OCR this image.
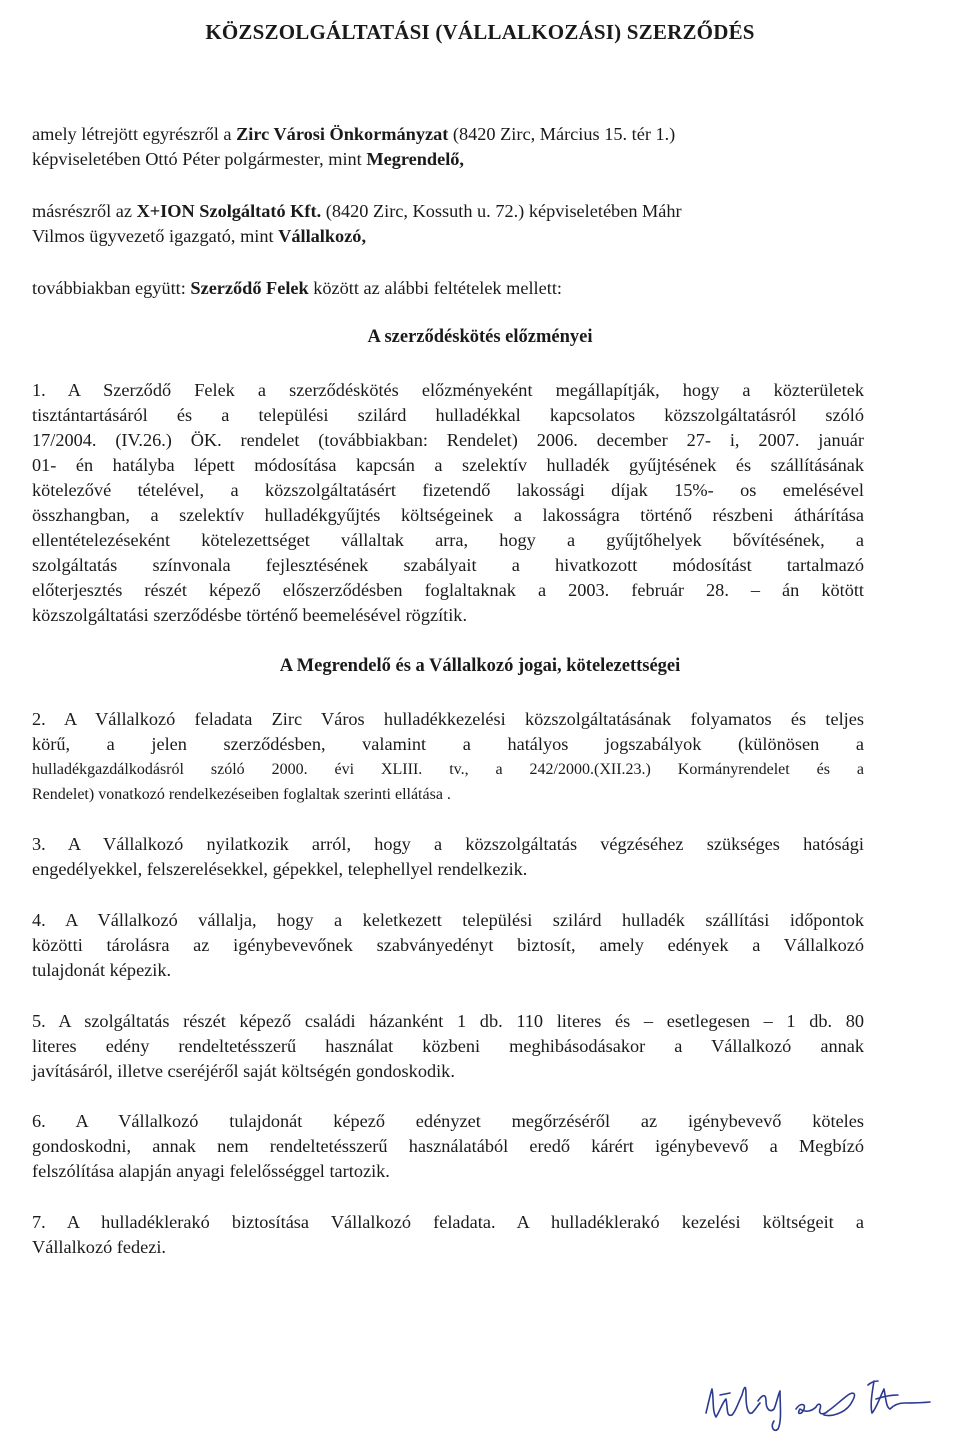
KÖZSZOLGÁLTATÁSI (VÁLLALKOZÁSI) SZERZŐDÉS
amely létrejött egyrészről a Zirc Városi Önkormányzat (8420 Zirc, Március 15. tér 1.)
képviseletében Ottó Péter polgármester, mint Megrendelő,
másrészről az X+ION Szolgáltató Kft. (8420 Zirc, Kossuth u. 72.) képviseletében Máhr
Vilmos ügyvezető igazgató, mint Vállalkozó,
továbbiakban együtt: Szerződő Felek között az alábbi feltételek mellett:
A szerződéskötés előzményei
1. A Szerződő Felek a szerződéskötés előzményeként megállapítják, hogy a közterületek
tisztántartásáról és a települési szilárd hulladékkal kapcsolatos közszolgáltatásról szóló
17/2004. (IV.26.) ÖK. rendelet (továbbiakban: Rendelet) 2006. december 27- i, 2007. január
01- én hatályba lépett módosítása kapcsán a szelektív hulladék gyűjtésének és szállításának
kötelezővé tételével, a közszolgáltatásért fizetendő lakossági díjak 15%- os emelésével
összhangban, a szelektív hulladékgyűjtés költségeinek a lakosságra történő részbeni áthárítása
ellentételezéseként kötelezettséget vállaltak arra, hogy a gyűjtőhelyek bővítésének, a
szolgáltatás színvonala fejlesztésének szabályait a hivatkozott módosítást tartalmazó
előterjesztés részét képező előszerződésben foglaltaknak a 2003. február 28. – án kötött
közszolgáltatási szerződésbe történő beemelésével rögzítik.
A Megrendelő és a Vállalkozó jogai, kötelezettségei
2. A Vállalkozó feladata Zirc Város hulladékkezelési közszolgáltatásának folyamatos és teljes
körű, a jelen szerződésben, valamint a hatályos jogszabályok (különösen a
hulladékgazdálkodásról szóló 2000. évi XLIII. tv., a 242/2000.(XII.23.) Kormányrendelet és a
Rendelet) vonatkozó rendelkezéseiben foglaltak szerinti ellátása .
3. A Vállalkozó nyilatkozik arról, hogy a közszolgáltatás végzéséhez szükséges hatósági
engedélyekkel, felszerelésekkel, gépekkel, telephellyel rendelkezik.
4. A Vállalkozó vállalja, hogy a keletkezett települési szilárd hulladék szállítási időpontok
közötti tárolásra az igénybevevőnek szabványedényt biztosít, amely edények a Vállalkozó
tulajdonát képezik.
5. A szolgáltatás részét képező családi házanként 1 db. 110 literes és – esetlegesen – 1 db. 80
literes edény rendeltetésszerű használat közbeni meghibásodásakor a Vállalkozó annak
javításáról, illetve cseréjéről saját költségén gondoskodik.
6. A Vállalkozó tulajdonát képező edényzet megőrzéséről az igénybevevő köteles
gondoskodni, annak nem rendeltetésszerű használatából eredő kárért igénybevevő a Megbízó
felszólítása alapján anyagi felelősséggel tartozik.
7. A hulladéklerakó biztosítása Vállalkozó feladata. A hulladéklerakó kezelési költségeit a
Vállalkozó fedezi.
